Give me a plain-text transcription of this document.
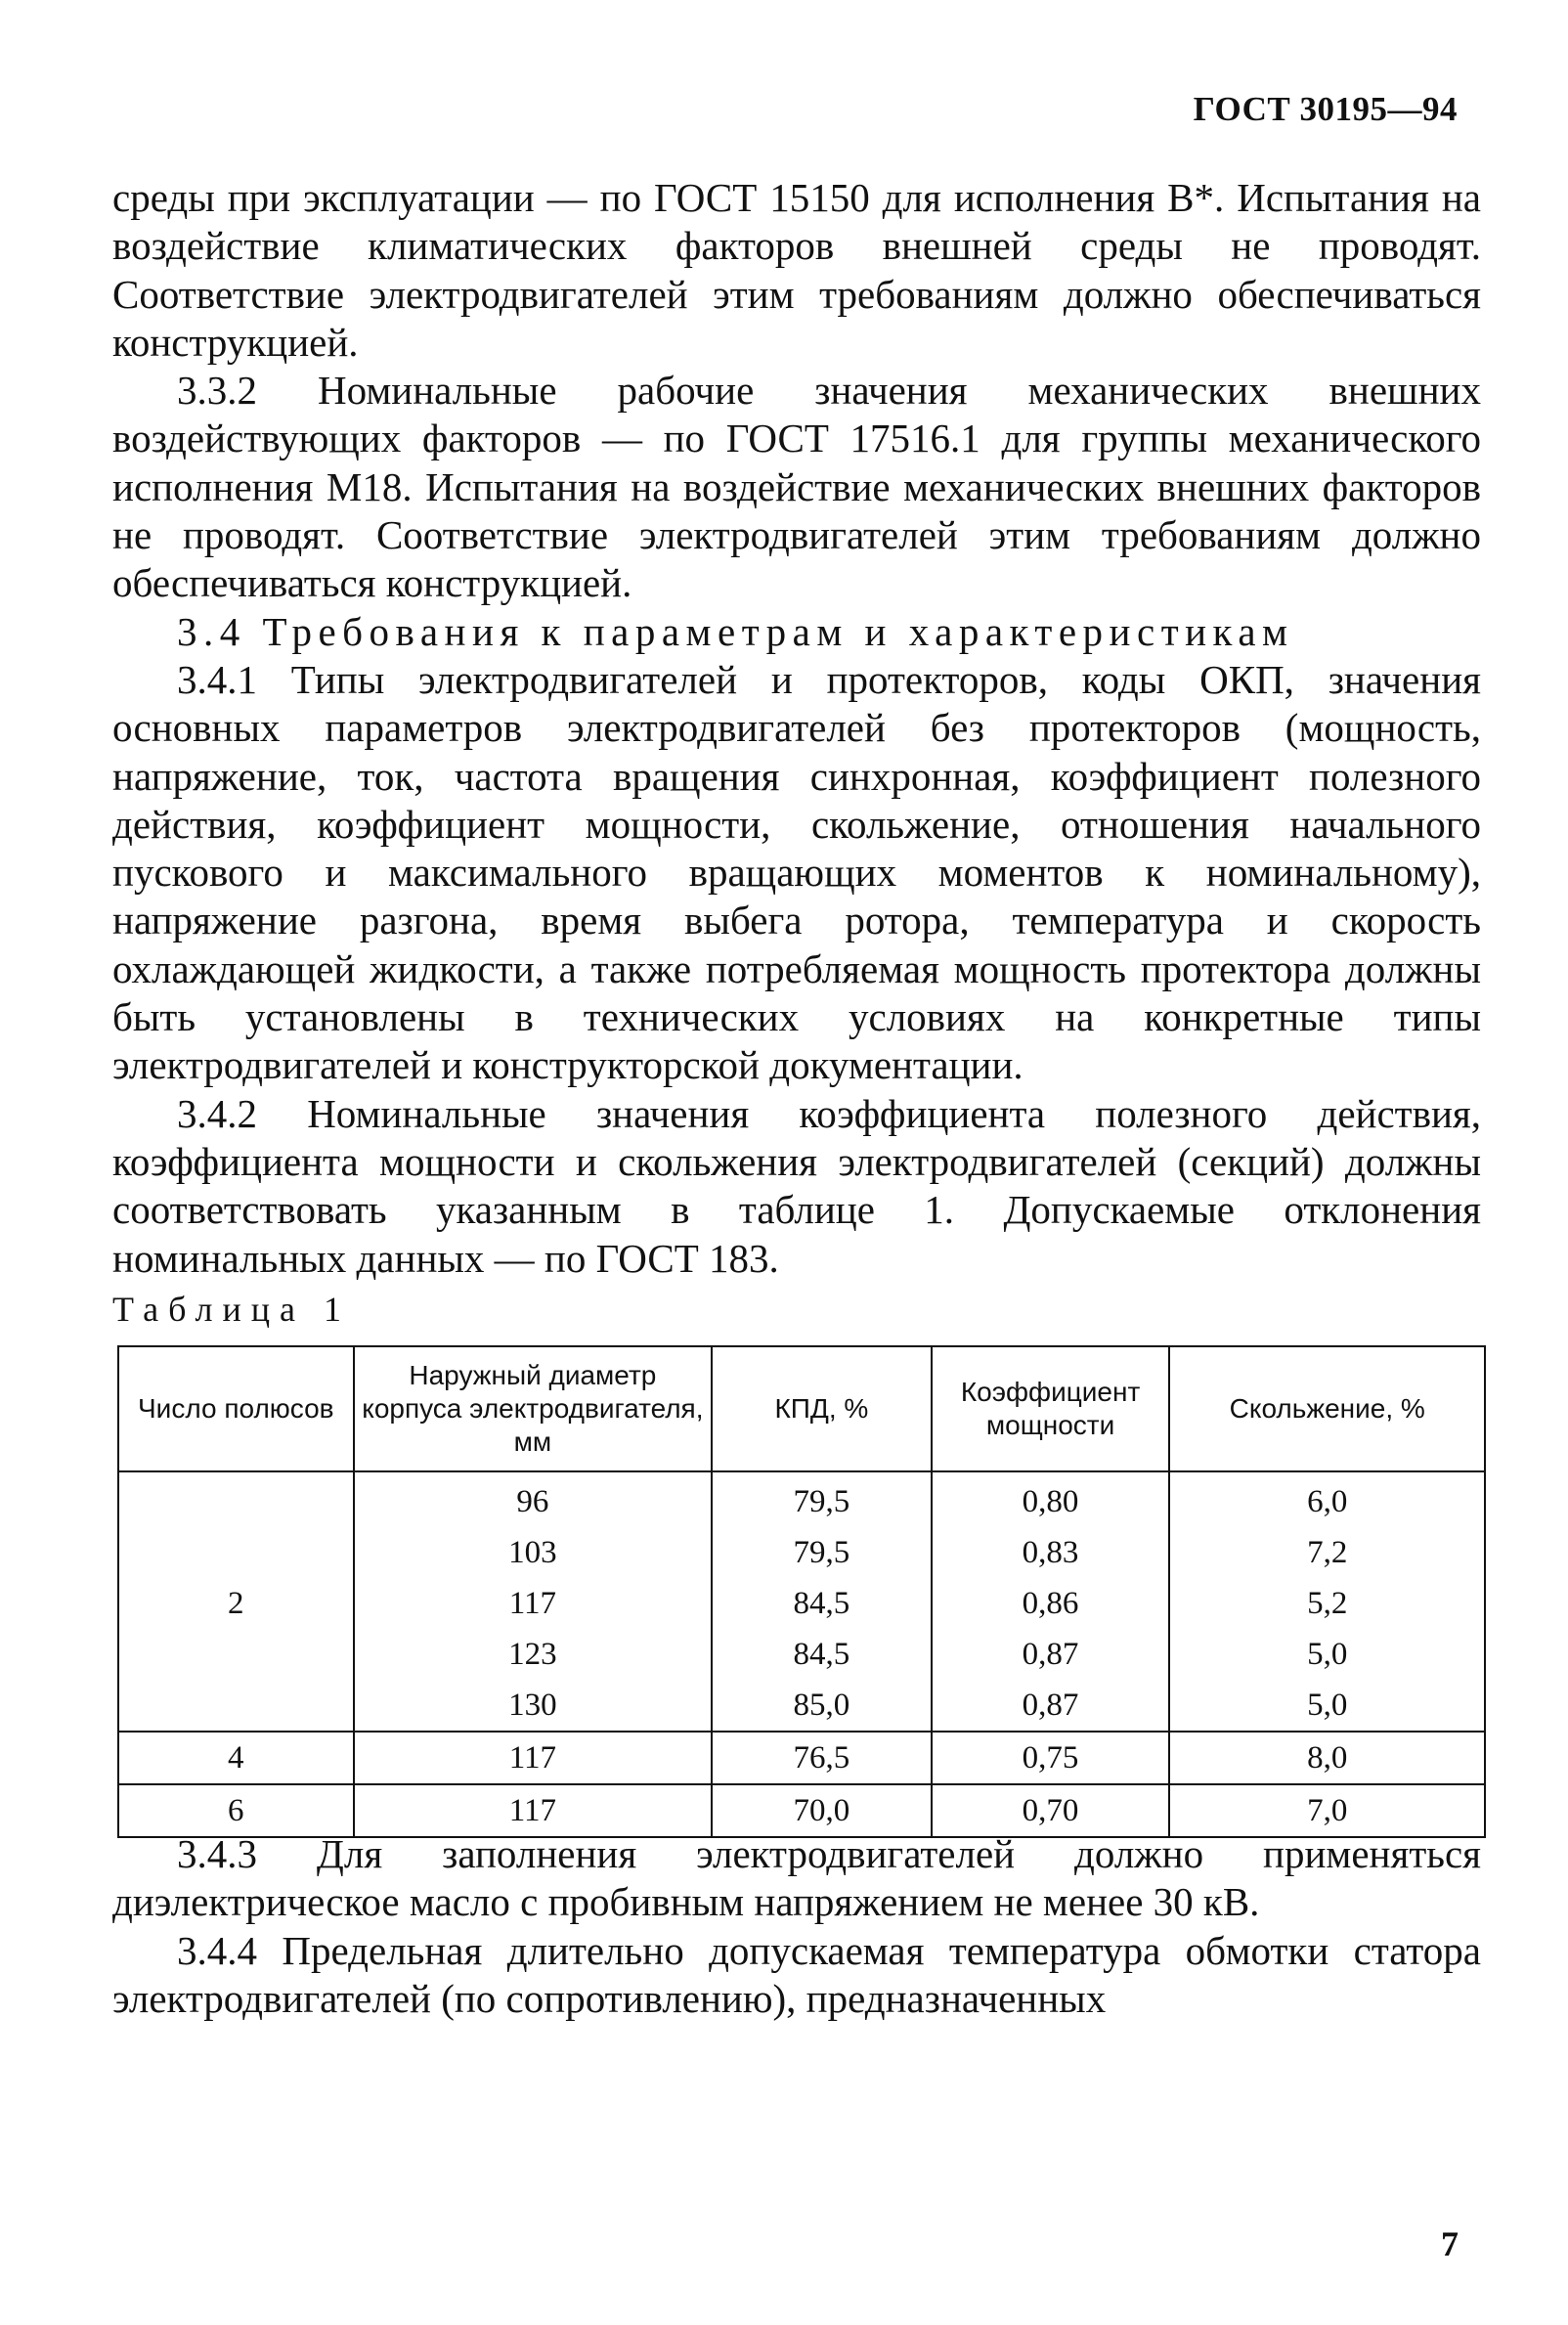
ГОСТ 30195—94

среды при эксплуатации — по ГОСТ 15150 для исполнения В*. Испытания на воздействие климатических факторов внешней среды не проводят. Соответствие электродвигателей этим требованиям должно обеспечиваться конструкцией.

3.3.2 Номинальные рабочие значения механических внешних воздействующих факторов — по ГОСТ 17516.1 для группы механического исполнения М18. Испытания на воздействие механических внешних факторов не проводят. Соответствие электродвигателей этим требованиям должно обеспечиваться конструкцией.

3.4 Требования к параметрам и характеристикам

3.4.1 Типы электродвигателей и протекторов, коды ОКП, значения основных параметров электродвигателей без протекторов (мощность, напряжение, ток, частота вращения синхронная, коэффициент полезного действия, коэффициент мощности, скольжение, отношения начального пускового и максимального вращающих моментов к номинальному), напряжение разгона, время выбега ротора, температура и скорость охлаждающей жидкости, а также потребляемая мощность протектора должны быть установлены в технических условиях на конкретные типы электродвигателей и конструкторской документации.

3.4.2 Номинальные значения коэффициента полезного действия, коэффициента мощности и скольжения электродвигателей (секций) должны соответствовать указанным в таблице 1. Допускаемые отклонения номинальных данных — по ГОСТ 183.

Таблица 1
Число полюсов	Наружный диаметр корпуса электродвигателя, мм	КПД, %	Коэффициент мощности	Скольжение, %
2	96	79,5	0,80	6,0
	103	79,5	0,83	7,2
	117	84,5	0,86	5,2
	123	84,5	0,87	5,0
	130	85,0	0,87	5,0
4	117	76,5	0,75	8,0
6	117	70,0	0,70	7,0

3.4.3 Для заполнения электродвигателей должно применяться диэлектрическое масло с пробивным напряжением не менее 30 кВ.

3.4.4 Предельная длительно допускаемая температура обмотки статора электродвигателей (по сопротивлению), предназначенных

7
